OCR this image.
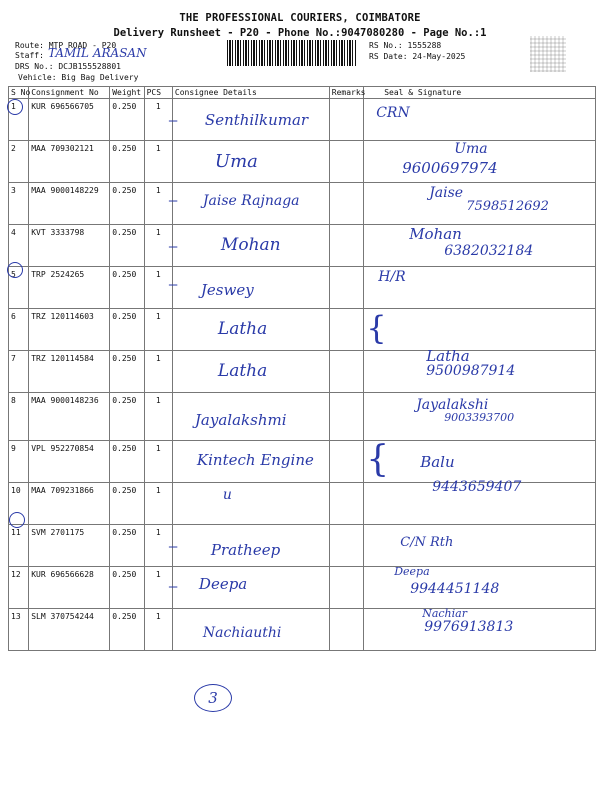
THE PROFESSIONAL COURIERS, COIMBATORE
Delivery Runsheet - P20 - Phone No.:9047080280 - Page No.:1
Route: MTP ROAD - P20
Staff: TAMIL ARASAN
DRS No.: DCJB155528801
Vehicle: Big Bag Delivery
RS No.: 1555288
RS Date: 24-May-2025
S No	Consignment No	Weight	PCS	Consignee Details	Remarks	Seal & Signature
1	KUR 696566705	0.250	1	– Senthilkumar		CRN

2	MAA 709302121	0.250	1	Uma		Uma
9600697974

3	MAA 9000148229	0.250	1	– Jaise Rajnaga		Jaise
7598512692

4	KVT 3333798	0.250	1	– Mohan		Mohan
6382032184

5	TRP 2524265	0.250	1	– Jeswey		H/R

6	TRZ 120114603	0.250	1	Latha		{

7	TRZ 120114584	0.250	1	Latha		Latha
9500987914

8	MAA 9000148236	0.250	1	Jayalakshmi		Jayalakshi
9003393700

9	VPL 952270854	0.250	1	Kintech Engine		{ Balu

10	MAA 709231866	0.250	1	u		9443659407

11	SVM 2701175	0.250	1	– Pratheep		C/N Rth

12	KUR 696566628	0.250	1	– Deepa		Deepa
9944451148

13	SLM 370754244	0.250	1	Nachiauthi		Nachiar
9976913813
3
